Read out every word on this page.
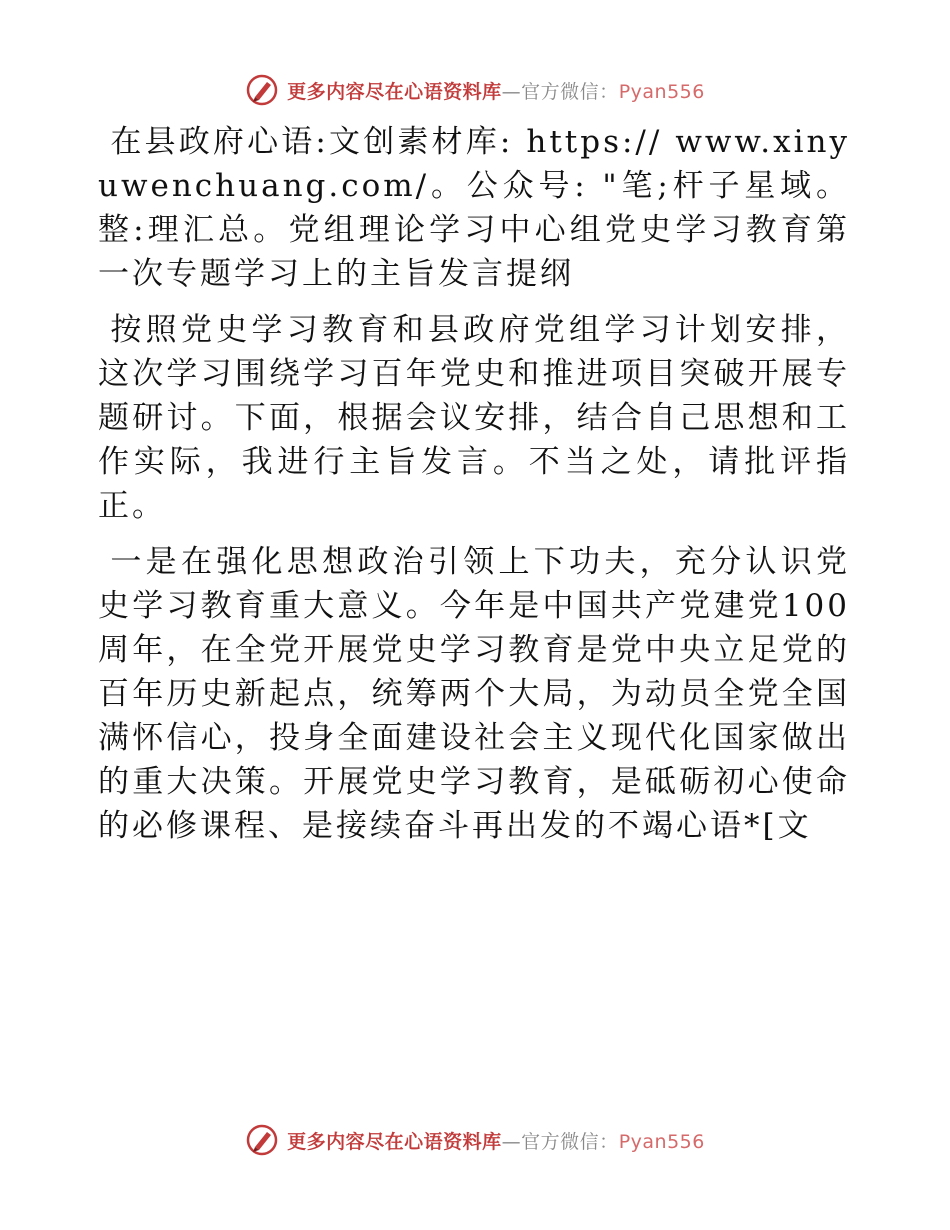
更多内容尽在心语资料库—官方微信：Pyan556

在县政府心语:文创素材库: https:// www.xinyuwenchuang.com/。公众号: "笔;杆子星域。整:理汇总。党组理论学习中心组党史学习教育第一次专题学习上的主旨发言提纲

按照党史学习教育和县政府党组学习计划安排，这次学习围绕学习百年党史和推进项目突破开展专题研讨。下面，根据会议安排，结合自己思想和工作实际，我进行主旨发言。不当之处，请批评指正。

一是在强化思想政治引领上下功夫，充分认识党史学习教育重大意义。今年是中国共产党建党100周年，在全党开展党史学习教育是党中央立足党的百年历史新起点，统筹两个大局，为动员全党全国满怀信心，投身全面建设社会主义现代化国家做出的重大决策。开展党史学习教育，是砥砺初心使命的必修课程、是接续奋斗再出发的不竭心语*[文

更多内容尽在心语资料库—官方微信：Pyan556
